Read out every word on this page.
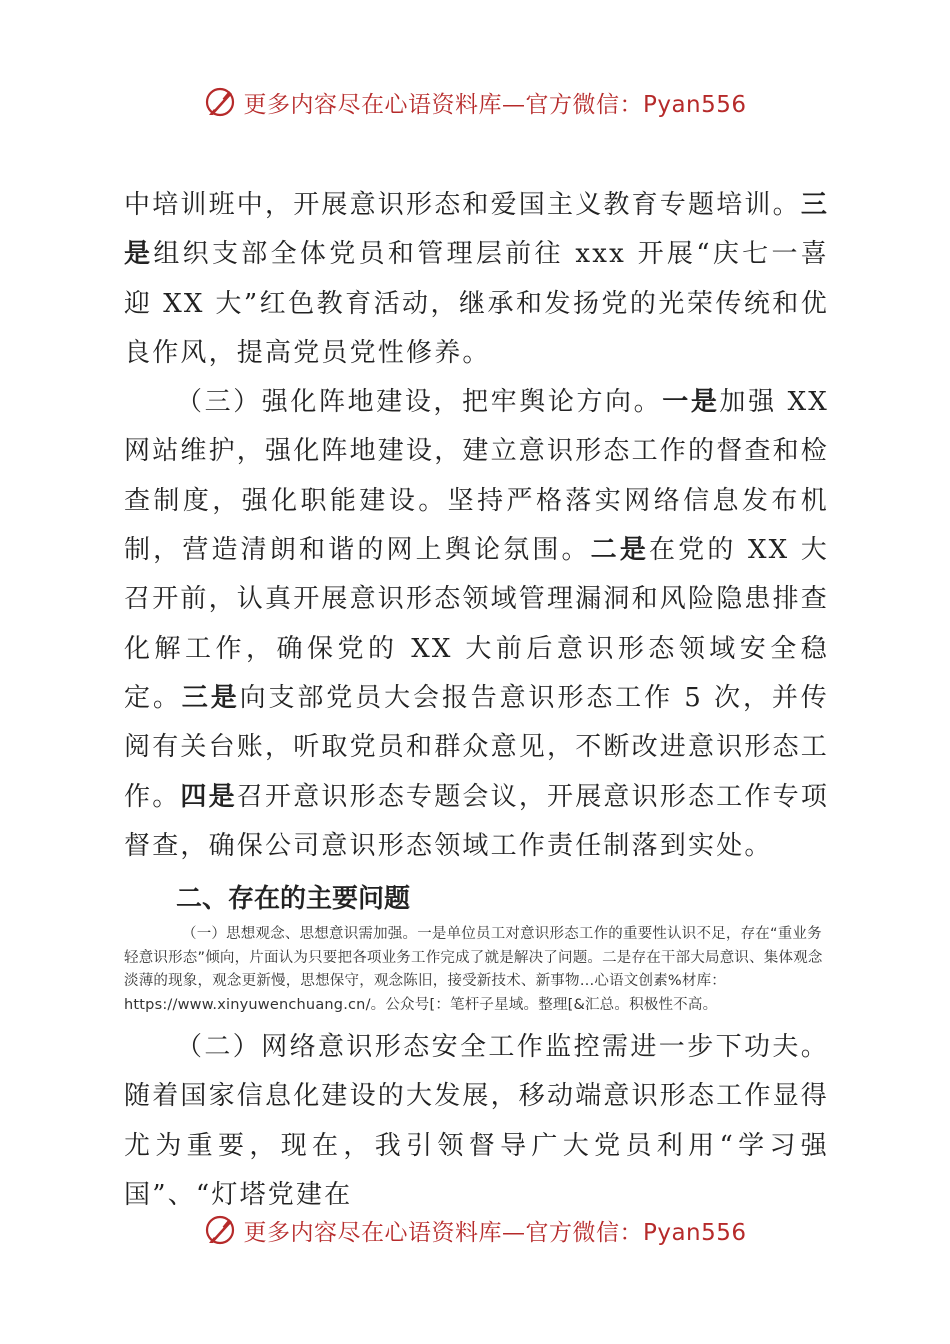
更多内容尽在心语资料库—官方微信：Pyan556

中培训班中，开展意识形态和爱国主义教育专题培训。三是组织支部全体党员和管理层前往 xxx 开展“庆七一喜迎 XX 大”红色教育活动，继承和发扬党的光荣传统和优良作风，提高党员党性修养。

（三）强化阵地建设，把牢舆论方向。一是加强 XX 网站维护，强化阵地建设，建立意识形态工作的督查和检查制度，强化职能建设。坚持严格落实网络信息发布机制，营造清朗和谐的网上舆论氛围。二是在党的 XX 大召开前，认真开展意识形态领域管理漏洞和风险隐患排查化解工作，确保党的 XX 大前后意识形态领域安全稳定。三是向支部党员大会报告意识形态工作 5 次，并传阅有关台账，听取党员和群众意见，不断改进意识形态工作。四是召开意识形态专题会议，开展意识形态工作专项督查，确保公司意识形态领域工作责任制落到实处。

二、存在的主要问题

（一）思想观念、思想意识需加强。一是单位员工对意识形态工作的重要性认识不足，存在“重业务轻意识形态”倾向，片面认为只要把各项业务工作完成了就是解决了问题。二是存在干部大局意识、集体观念淡薄的现象，观念更新慢，思想保守，观念陈旧，接受新技术、新事物…心语文创素%材库：https://www.xinyuwenchuang.cn/。公众号[：笔杆子星域。整理[&汇总。积极性不高。

（二）网络意识形态安全工作监控需进一步下功夫。随着国家信息化建设的大发展，移动端意识形态工作显得尤为重要，现在，我引领督导广大党员利用“学习强国”、“灯塔党建在

更多内容尽在心语资料库—官方微信：Pyan556
